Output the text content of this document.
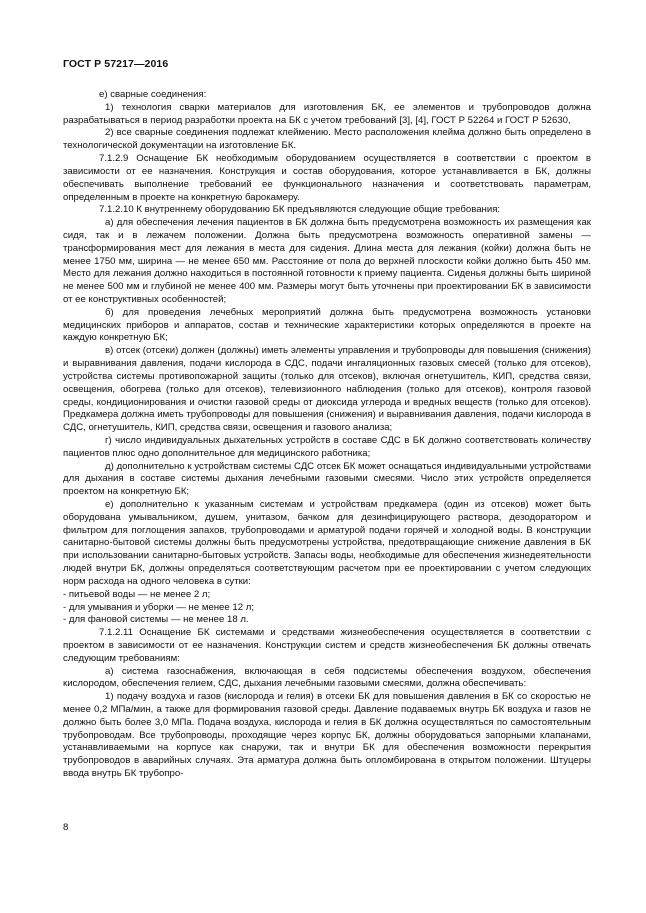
ГОСТ Р 57217—2016

е) сварные соединения:

1) технология сварки материалов для изготовления БК, ее элементов и трубопроводов должна разрабатываться в период разработки проекта на БК с учетом требований [3], [4], ГОСТ Р 52264 и ГОСТ Р 52630,

2) все сварные соединения подлежат клеймению. Место расположения клейма должно быть определено в технологической документации на изготовление БК.

7.1.2.9 Оснащение БК необходимым оборудованием осуществляется в соответствии с проектом в зависимости от ее назначения. Конструкция и состав оборудования, которое устанавливается в БК, должны обеспечивать выполнение требований ее функционального назначения и соответствовать параметрам, определенным в проекте на конкретную барокамеру.

7.1.2.10 К внутреннему оборудованию БК предъявляются следующие общие требования:

а) для обеспечения лечения пациентов в БК должна быть предусмотрена возможность их размещения как сидя, так и в лежачем положении. Должна быть предусмотрена возможность оперативной замены — трансформирования мест для лежания в места для сидения. Длина места для лежания (койки) должна быть не менее 1750 мм, ширина — не менее 650 мм. Расстояние от пола до верхней плоскости койки должно быть 450 мм. Место для лежания должно находиться в постоянной готовности к приему пациента. Сиденья должны быть шириной не менее 500 мм и глубиной не менее 400 мм. Размеры могут быть уточнены при проектировании БК в зависимости от ее конструктивных особенностей;

б) для проведения лечебных мероприятий должна быть предусмотрена возможность установки медицинских приборов и аппаратов, состав и технические характеристики которых определяются в проекте на каждую конкретную БК;

в) отсек (отсеки) должен (должны) иметь элементы управления и трубопроводы для повышения (снижения) и выравнивания давления, подачи кислорода в СДС, подачи ингаляционных газовых смесей (только для отсеков), устройства системы противопожарной защиты (только для отсеков), включая огнетушитель, КИП, средства связи, освещения, обогрева (только для отсеков), телевизионного наблюдения (только для отсеков), контроля газовой среды, кондиционирования и очистки газовой среды от диоксида углерода и вредных веществ (только для отсеков). Предкамера должна иметь трубопроводы для повышения (снижения) и выравнивания давления, подачи кислорода в СДС, огнетушитель, КИП, средства связи, освещения и газового анализа;

г) число индивидуальных дыхательных устройств в составе СДС в БК должно соответствовать количеству пациентов плюс одно дополнительное для медицинского работника;

д) дополнительно к устройствам системы СДС отсек БК может оснащаться индивидуальными устройствами для дыхания в составе системы дыхания лечебными газовыми смесями. Число этих устройств определяется проектом на конкретную БК;

е) дополнительно к указанным системам и устройствам предкамера (один из отсеков) может быть оборудована умывальником, душем, унитазом, бачком для дезинфицирующего раствора, дезодоратором и фильтром для поглощения запахов, трубопроводами и арматурой подачи горячей и холодной воды. В конструкции санитарно-бытовой системы должны быть предусмотрены устройства, предотвращающие снижение давления в БК при использовании санитарно-бытовых устройств. Запасы воды, необходимые для обеспечения жизнедеятельности людей внутри БК, должны определяться соответствующим расчетом при ее проектировании с учетом следующих норм расхода на одного человека в сутки:

- питьевой воды — не менее 2 л;

- для умывания и уборки — не менее 12 л;

- для фановой системы — не менее 18 л.

7.1.2.11 Оснащение БК системами и средствами жизнеобеспечения осуществляется в соответствии с проектом в зависимости от ее назначения. Конструкции систем и средств жизнеобеспечения БК должны отвечать следующим требованиям:

а) система газоснабжения, включающая в себя подсистемы обеспечения воздухом, обеспечения кислородом, обеспечения гелием, СДС, дыхания лечебными газовыми смесями, должна обеспечивать:

1) подачу воздуха и газов (кислорода и гелия) в отсеки БК для повышения давления в БК со скоростью не менее 0,2 МПа/мин, а также для формирования газовой среды. Давление подаваемых внутрь БК воздуха и газов не должно быть более 3,0 МПа. Подача воздуха, кислорода и гелия в БК должна осуществляться по самостоятельным трубопроводам. Все трубопроводы, проходящие через корпус БК, должны оборудоваться запорными клапанами, устанавливаемыми на корпусе как снаружи, так и внутри БК для обеспечения возможности перекрытия трубопроводов в аварийных случаях. Эта арматура должна быть опломбирована в открытом положении. Штуцеры ввода внутрь БК трубопро-

8
